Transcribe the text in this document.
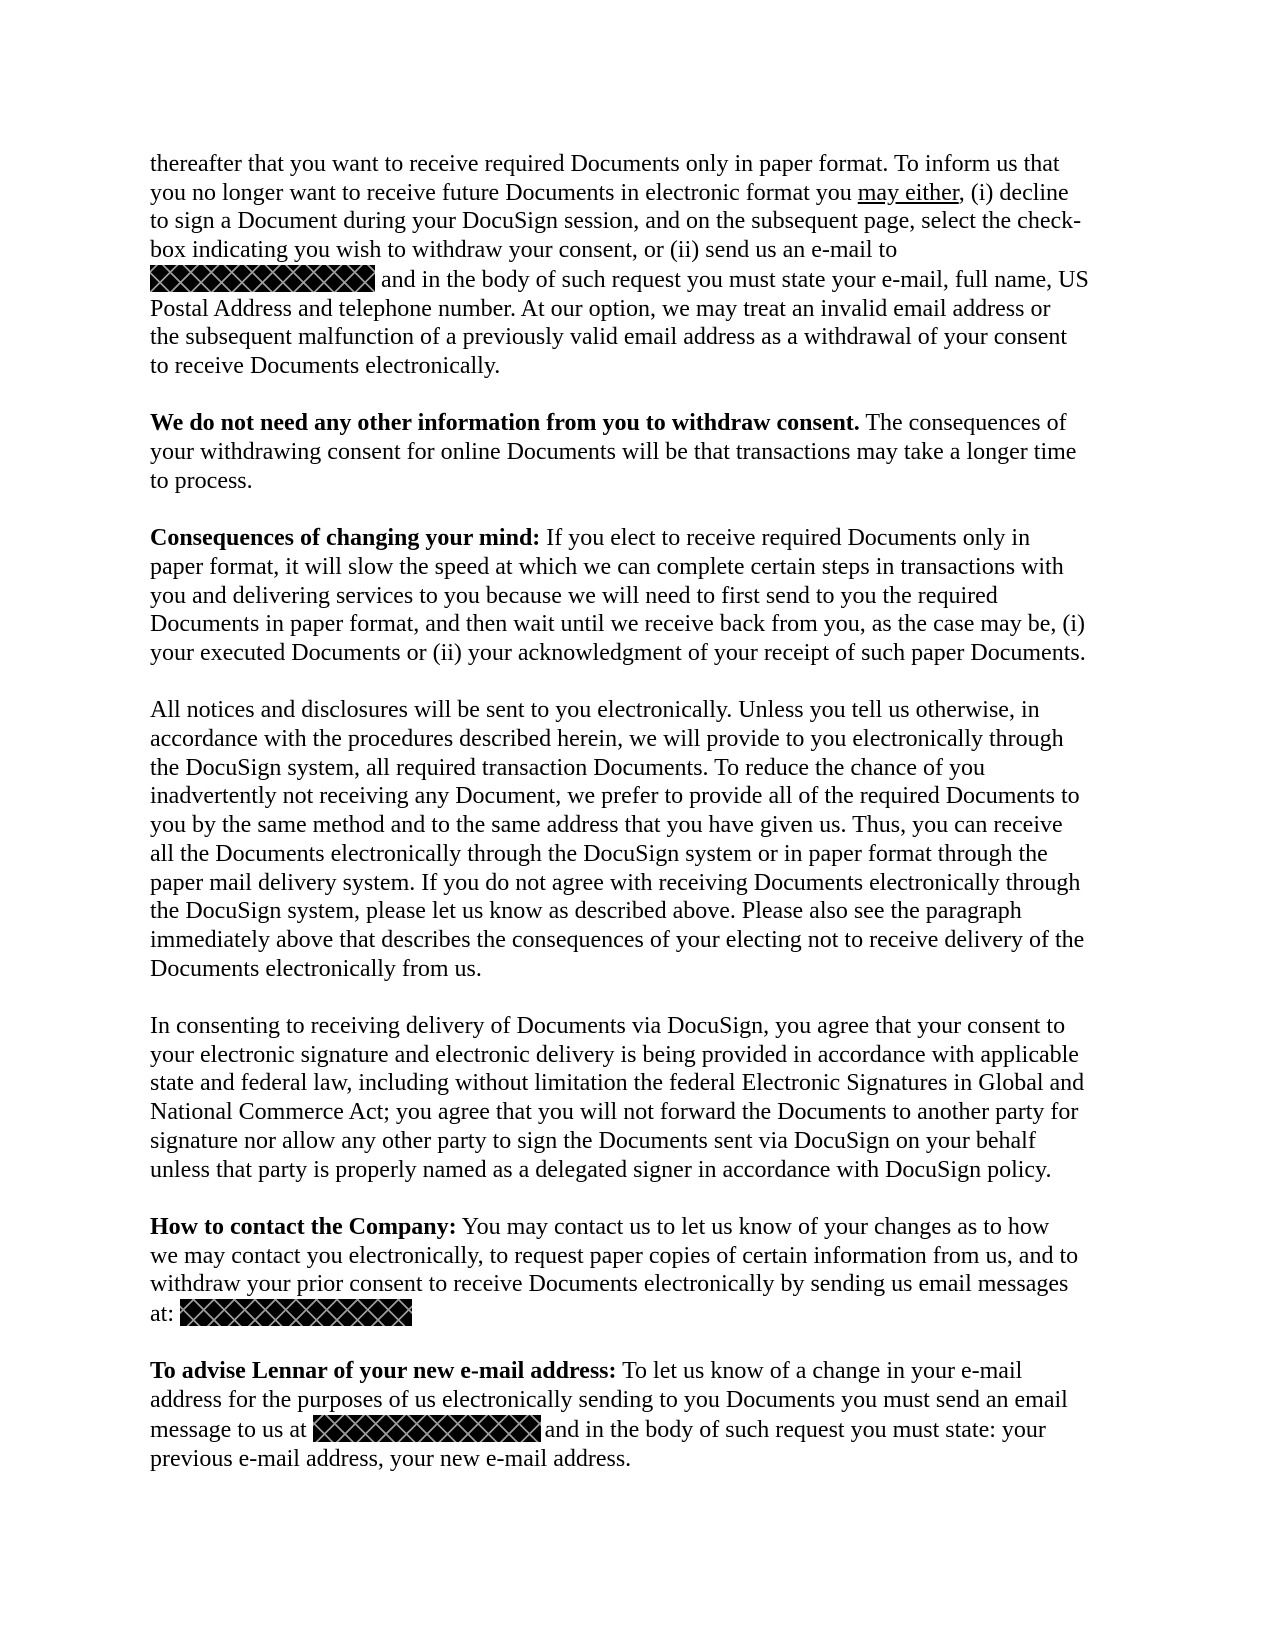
thereafter that you want to receive required Documents only in paper format. To inform us that
you no longer want to receive future Documents in electronic format you may either, (i) decline
to sign a Document during your DocuSign session, and on the subsequent page, select the check-
box indicating you wish to withdraw your consent, or (ii) send us an e-mail to
and in the body of such request you must state your e-mail, full name, US
Postal Address and telephone number. At our option, we may treat an invalid email address or
the subsequent malfunction of a previously valid email address as a withdrawal of your consent
to receive Documents electronically.

We do not need any other information from you to withdraw consent. The consequences of
your withdrawing consent for online Documents will be that transactions may take a longer time
to process.

Consequences of changing your mind: If you elect to receive required Documents only in
paper format, it will slow the speed at which we can complete certain steps in transactions with
you and delivering services to you because we will need to first send to you the required
Documents in paper format, and then wait until we receive back from you, as the case may be, (i)
your executed Documents or (ii) your acknowledgment of your receipt of such paper Documents.

All notices and disclosures will be sent to you electronically. Unless you tell us otherwise, in
accordance with the procedures described herein, we will provide to you electronically through
the DocuSign system, all required transaction Documents. To reduce the chance of you
inadvertently not receiving any Document, we prefer to provide all of the required Documents to
you by the same method and to the same address that you have given us. Thus, you can receive
all the Documents electronically through the DocuSign system or in paper format through the
paper mail delivery system. If you do not agree with receiving Documents electronically through
the DocuSign system, please let us know as described above. Please also see the paragraph
immediately above that describes the consequences of your electing not to receive delivery of the
Documents electronically from us.

In consenting to receiving delivery of Documents via DocuSign, you agree that your consent to
your electronic signature and electronic delivery is being provided in accordance with applicable
state and federal law, including without limitation the federal Electronic Signatures in Global and
National Commerce Act; you agree that you will not forward the Documents to another party for
signature nor allow any other party to sign the Documents sent via DocuSign on your behalf
unless that party is properly named as a delegated signer in accordance with DocuSign policy.

How to contact the Company: You may contact us to let us know of your changes as to how
we may contact you electronically, to request paper copies of certain information from us, and to
withdraw your prior consent to receive Documents electronically by sending us email messages
at:

To advise Lennar of your new e-mail address: To let us know of a change in your e-mail
address for the purposes of us electronically sending to you Documents you must send an email
message to us at	and in the body of such request you must state: your
previous e-mail address, your new e-mail address.
